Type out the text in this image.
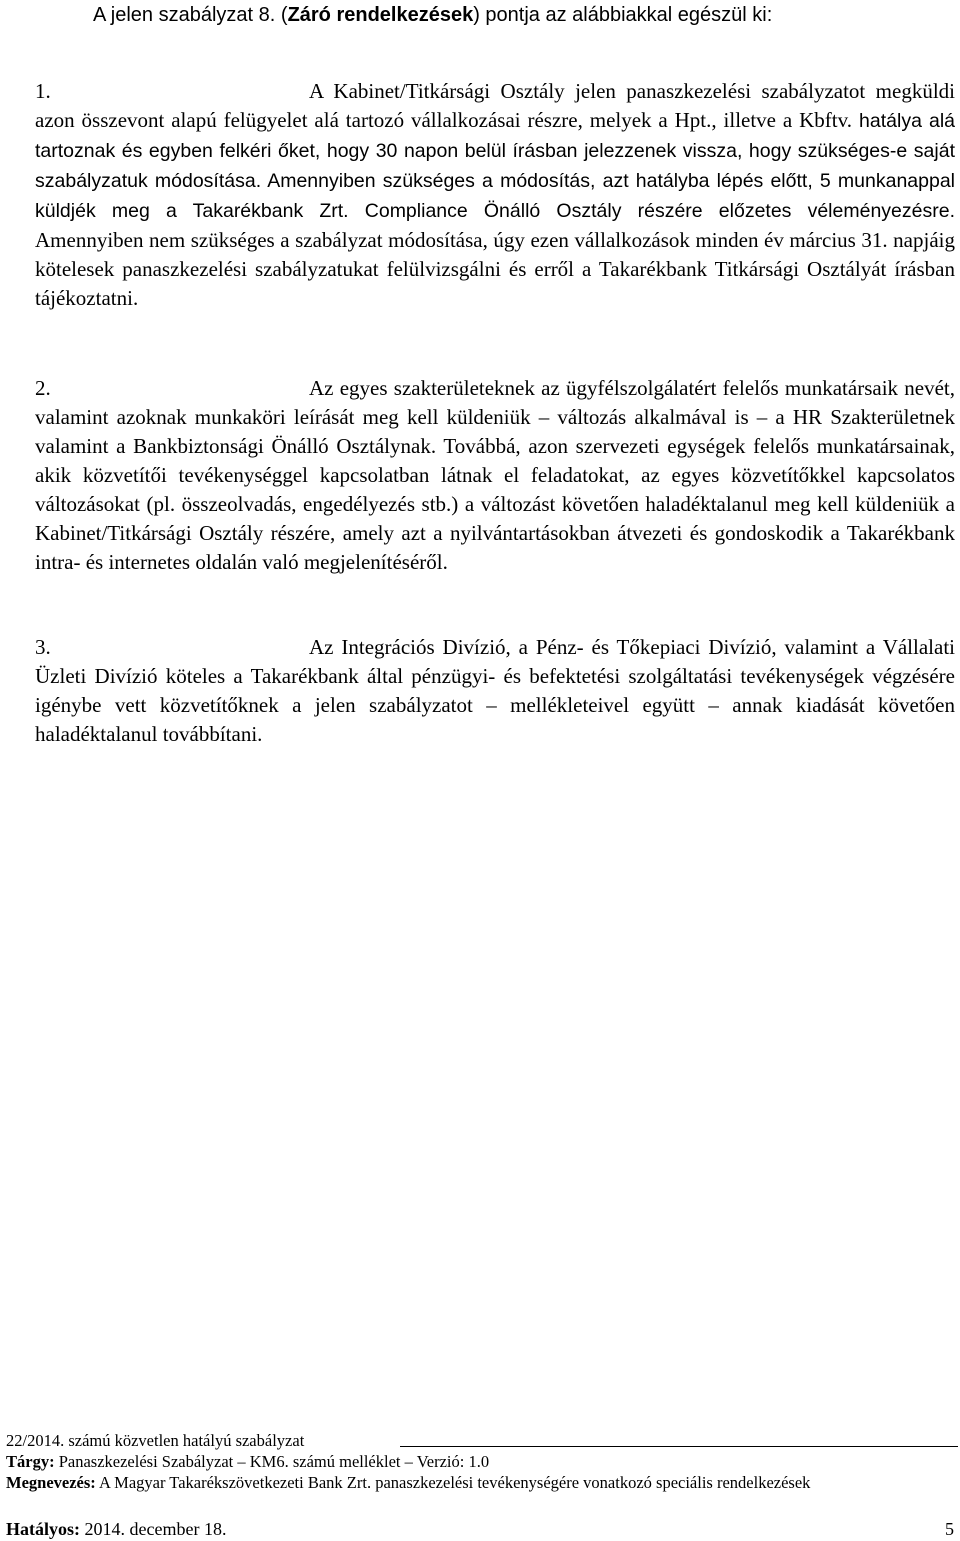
A jelen szabályzat 8. (Záró rendelkezések) pontja az alábbiakkal egészül ki:
1.	A Kabinet/Titkársági Osztály jelen panaszkezelési szabályzatot megküldi azon összevont alapú felügyelet alá tartozó vállalkozásai részre, melyek a Hpt., illetve a Kbftv. hatálya alá tartoznak és egyben felkéri őket, hogy 30 napon belül írásban jelezzenek vissza, hogy szükséges-e saját szabályzatuk módosítása. Amennyiben szükséges a módosítás, azt hatályba lépés előtt, 5 munkanappal küldjék meg a Takarékbank Zrt. Compliance Önálló Osztály részére előzetes véleményezésre. Amennyiben nem szükséges a szabályzat módosítása, úgy ezen vállalkozások minden év március 31. napjáig kötelesek panaszkezelési szabályzatukat felülvizsgálni és erről a Takarékbank Titkársági Osztályát írásban tájékoztatni.
2.	Az egyes szakterületeknek az ügyfélszolgálatért felelős munkatársaik nevét, valamint azoknak munkaköri leírását meg kell küldeniük – változás alkalmával is – a HR Szakterületnek valamint a Bankbiztonsági Önálló Osztálynak. Továbbá, azon szervezeti egységek felelős munkatársainak, akik közvetítői tevékenységgel kapcsolatban látnak el feladatokat, az egyes közvetítőkkel kapcsolatos változásokat (pl. összeolvadás, engedélyezés stb.) a változást követően haladéktalanul meg kell küldeniük a Kabinet/Titkársági Osztály részére, amely azt a nyilvántartásokban átvezeti és gondoskodik a Takarékbank intra- és internetes oldalán való megjelenítéséről.
3.	Az Integrációs Divízió, a Pénz- és Tőkepiaci Divízió, valamint a Vállalati Üzleti Divízió köteles a Takarékbank által pénzügyi- és befektetési szolgáltatási tevékenységek végzésére igénybe vett közvetítőknek a jelen szabályzatot – mellékleteivel együtt – annak kiadását követően haladéktalanul továbbítani.
22/2014. számú közvetlen hatályú szabályzat
Tárgy: Panaszkezelési Szabályzat – KM6. számú melléklet – Verzió: 1.0
Megnevezés: A Magyar Takarékszövetkezeti Bank Zrt. panaszkezelési tevékenységére vonatkozó speciális rendelkezések
Hatályos: 2014. december 18.	5
